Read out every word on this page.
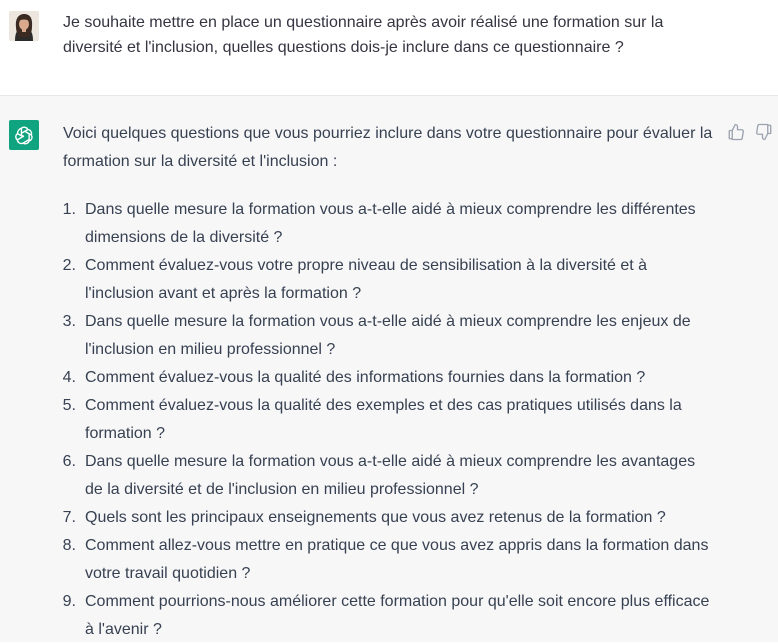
Je souhaite mettre en place un questionnaire après avoir réalisé une formation sur la diversité et l'inclusion, quelles questions dois-je inclure dans ce questionnaire ?

Voici quelques questions que vous pourriez inclure dans votre questionnaire pour évaluer la formation sur la diversité et l'inclusion :

1. Dans quelle mesure la formation vous a-t-elle aidé à mieux comprendre les différentes dimensions de la diversité ?
2. Comment évaluez-vous votre propre niveau de sensibilisation à la diversité et à l'inclusion avant et après la formation ?
3. Dans quelle mesure la formation vous a-t-elle aidé à mieux comprendre les enjeux de l'inclusion en milieu professionnel ?
4. Comment évaluez-vous la qualité des informations fournies dans la formation ?
5. Comment évaluez-vous la qualité des exemples et des cas pratiques utilisés dans la formation ?
6. Dans quelle mesure la formation vous a-t-elle aidé à mieux comprendre les avantages de la diversité et de l'inclusion en milieu professionnel ?
7. Quels sont les principaux enseignements que vous avez retenus de la formation ?
8. Comment allez-vous mettre en pratique ce que vous avez appris dans la formation dans votre travail quotidien ?
9. Comment pourrions-nous améliorer cette formation pour qu'elle soit encore plus efficace à l'avenir ?
